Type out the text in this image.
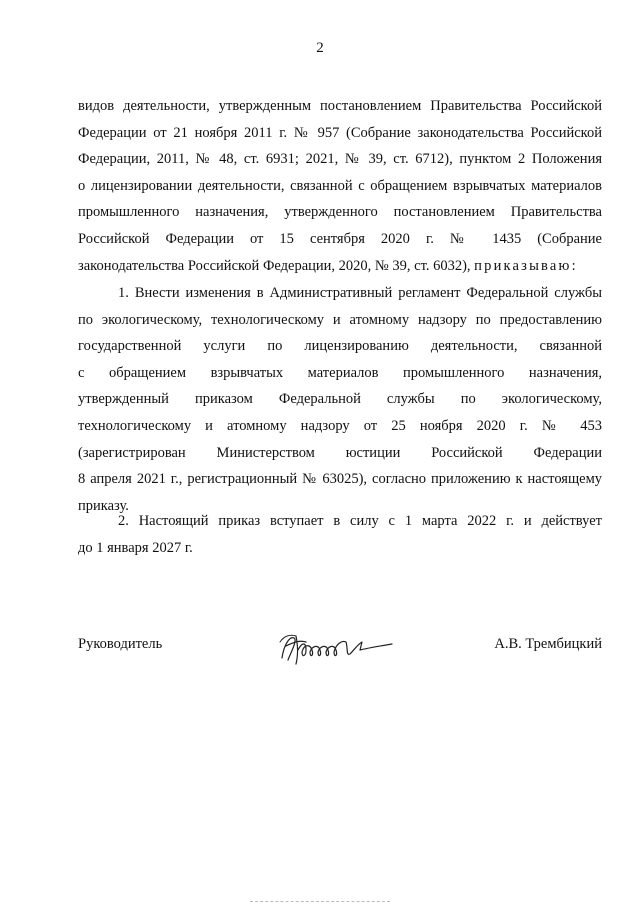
2

видов деятельности, утвержденным постановлением Правительства Российской
Федерации от 21 ноября 2011 г. № 957 (Собрание законодательства Российской
Федерации, 2011, № 48, ст. 6931; 2021, № 39, ст. 6712), пунктом 2 Положения
о лицензировании деятельности, связанной с обращением взрывчатых материалов
промышленного назначения, утвержденного постановлением Правительства
Российской Федерации от 15 сентября 2020 г. № 1435 (Собрание
законодательства Российской Федерации, 2020, № 39, ст. 6032), приказываю:

1. Внести изменения в Административный регламент Федеральной службы
по экологическому, технологическому и атомному надзору по предоставлению
государственной услуги по лицензированию деятельности, связанной
с обращением взрывчатых материалов промышленного назначения,
утвержденный приказом Федеральной службы по экологическому,
технологическому и атомному надзору от 25 ноября 2020 г. № 453
(зарегистрирован Министерством юстиции Российской Федерации
8 апреля 2021 г., регистрационный № 63025), согласно приложению к настоящему
приказу.

2. Настоящий приказ вступает в силу с 1 марта 2022 г. и действует
до 1 января 2027 г.

Руководитель	А.В. Трембицкий
